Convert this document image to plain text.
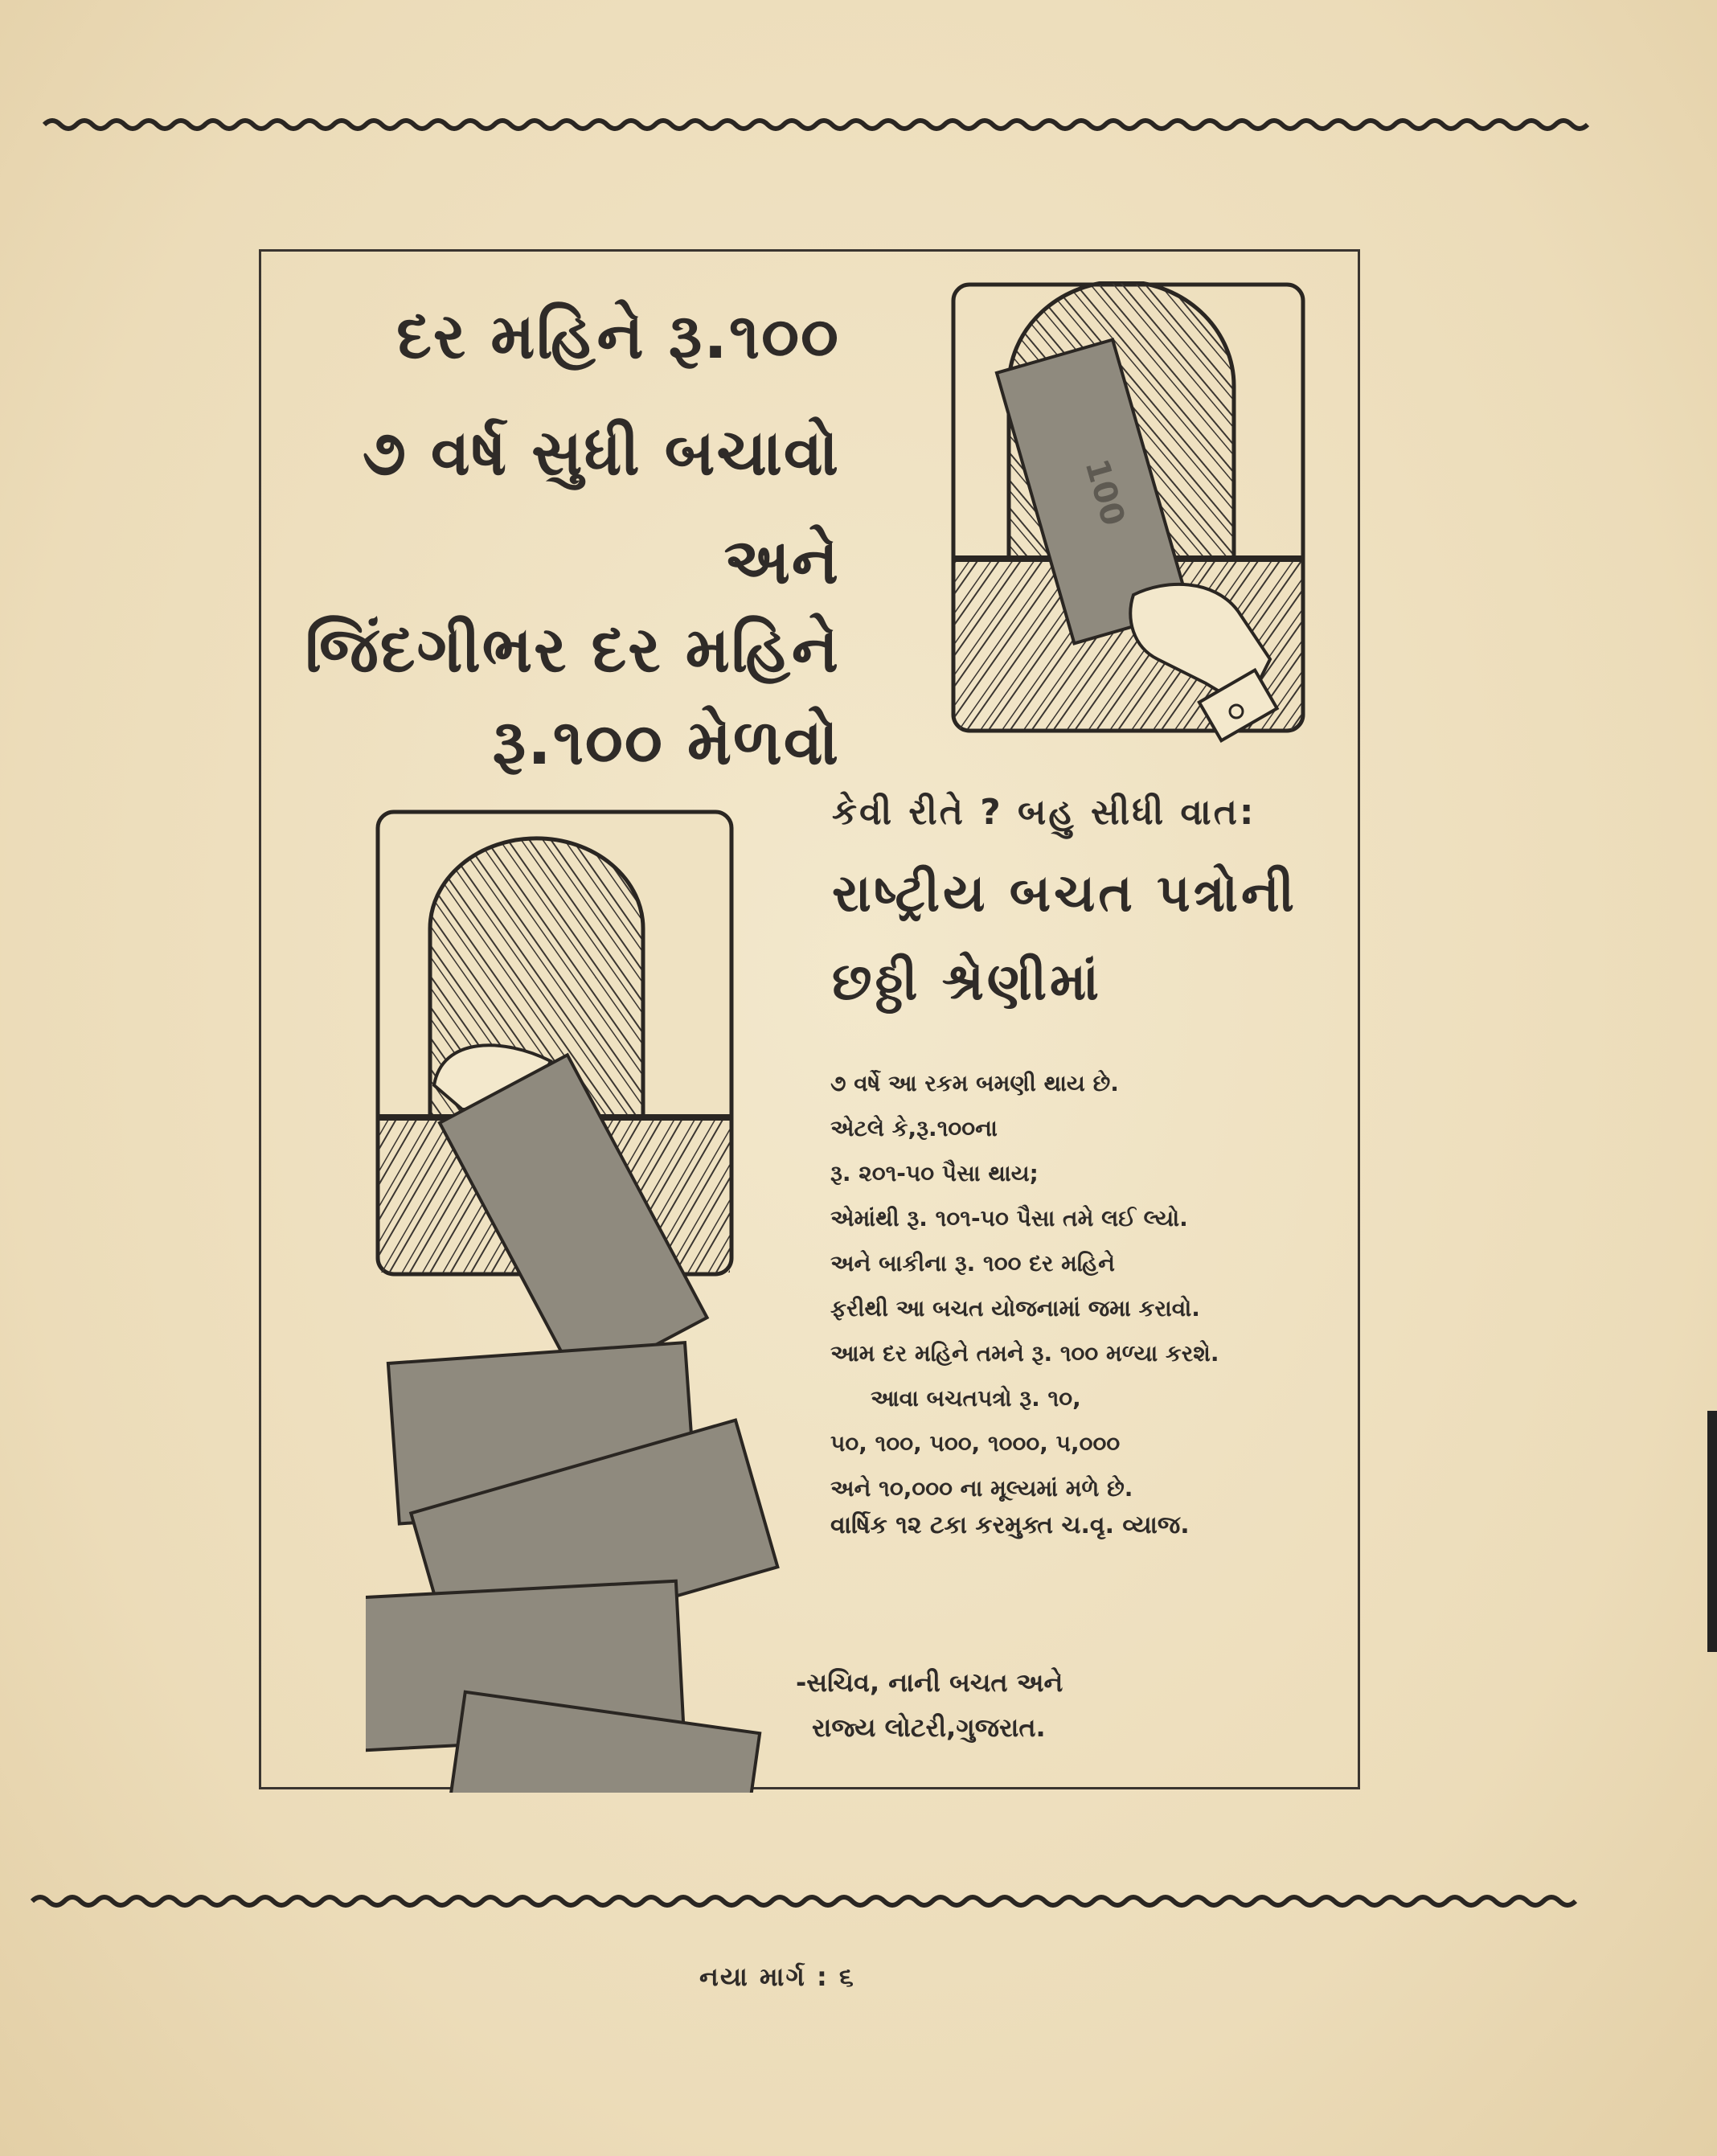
દર મહિને રૂ.૧૦૦
૭ વર્ષ સુધી બચાવો
અને
જિંદગીભર દર મહિને
રૂ.૧૦૦ મેળવો
100
કેવી રીતે ? બહુ સીધી વાત:
રાષ્ટ્રીય બચત પત્રોની
છઠ્ઠી શ્રેણીમાં
૭ વર્ષે આ રકમ બમણી થાય છે.
એટલે કે,રૂ.૧૦૦ના
રૂ. ૨૦૧-૫૦ પૈસા થાય;
એમાંથી રૂ. ૧૦૧-૫૦ પૈસા તમે લઈ લ્યો.
અને બાકીના રૂ. ૧૦૦ દર મહિને
ફરીથી આ બચત યોજનામાં જમા કરાવો.
આમ દર મહિને તમને રૂ. ૧૦૦ મળ્યા કરશે.
આવા બચતપત્રો રૂ. ૧૦,
૫૦, ૧૦૦, ૫૦૦, ૧૦૦૦, ૫,૦૦૦
અને ૧૦,૦૦૦ ના મૂલ્યમાં મળે છે.
વાર્ષિક ૧૨ ટકા કરમુક્ત ચ.વૃ. વ્યાજ.
-સચિવ, નાની બચત અને
રાજ્ય લોટરી,ગુજરાત.
નયા માર્ગ : ૬
